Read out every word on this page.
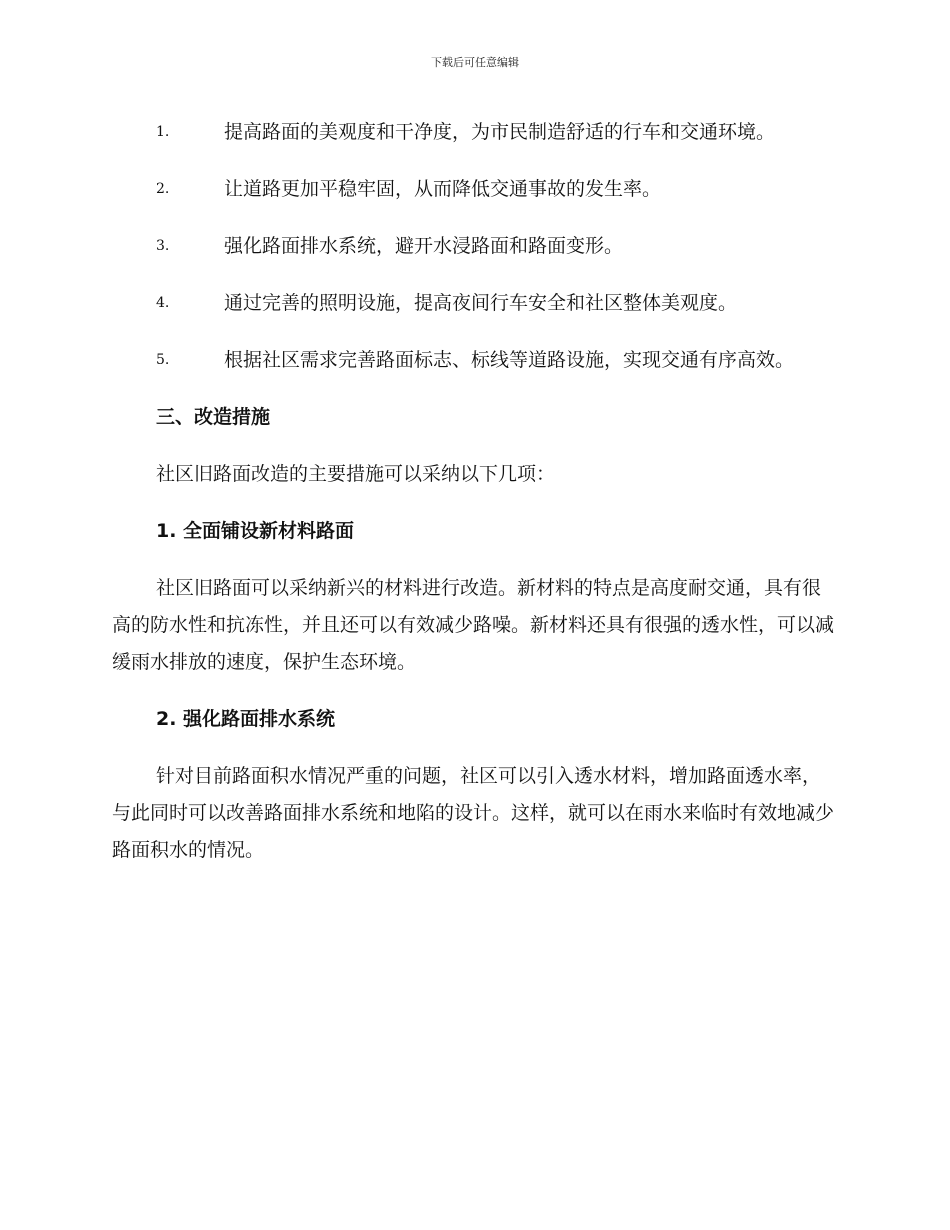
下载后可任意编辑

1.	提高路面的美观度和干净度，为市民制造舒适的行车和交通环境。

2.	让道路更加平稳牢固，从而降低交通事故的发生率。

3.	强化路面排水系统，避开水浸路面和路面变形。

4.	通过完善的照明设施，提高夜间行车安全和社区整体美观度。

5.	根据社区需求完善路面标志、标线等道路设施，实现交通有序高效。

三、改造措施

社区旧路面改造的主要措施可以采纳以下几项：

1. 全面铺设新材料路面

社区旧路面可以采纳新兴的材料进行改造。新材料的特点是高度耐交通，具有很高的防水性和抗冻性，并且还可以有效减少路噪。新材料还具有很强的透水性，可以减缓雨水排放的速度，保护生态环境。

2. 强化路面排水系统

针对目前路面积水情况严重的问题，社区可以引入透水材料，增加路面透水率，与此同时可以改善路面排水系统和地陷的设计。这样，就可以在雨水来临时有效地减少路面积水的情况。
